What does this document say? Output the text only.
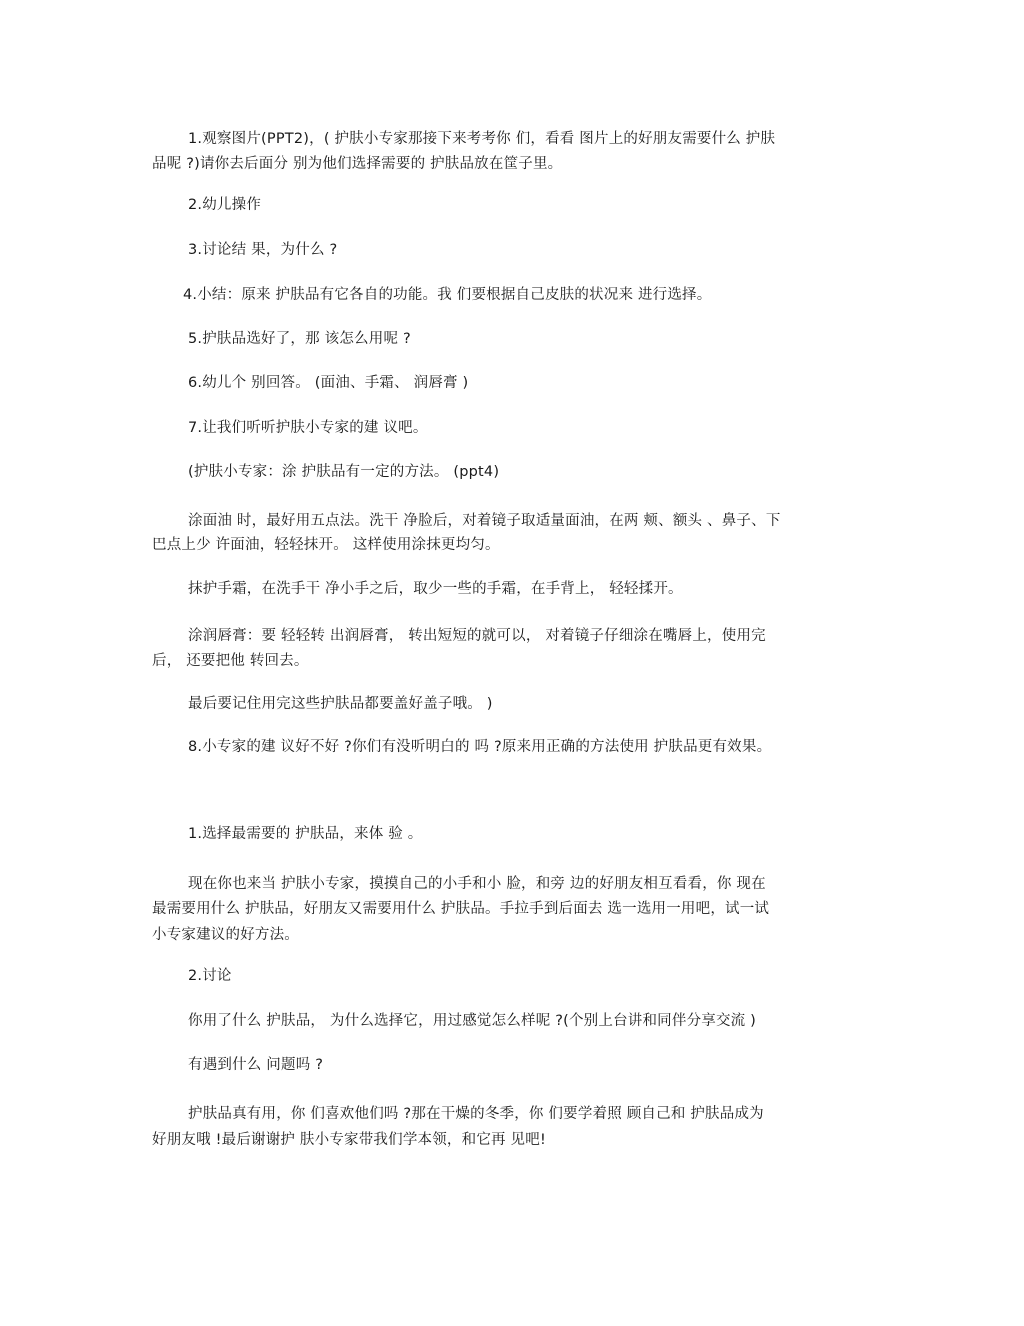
1.观察图片(PPT2)，( 护肤小专家那接下来考考你 们，看看 图片上的好朋友需要什么 护肤
品呢 ?)请你去后面分 别为他们选择需要的 护肤品放在筐子里。
2.幼儿操作
3.讨论结 果，为什么 ?
4.小结：原来 护肤品有它各自的功能。我 们要根据自己皮肤的状况来 进行选择。
5.护肤品选好了，那 该怎么用呢 ?
6.幼儿个 别回答。 (面油、手霜、 润唇膏 )
7.让我们听听护肤小专家的建 议吧。
(护肤小专家：涂 护肤品有一定的方法。 (ppt4)
涂面油 时，最好用五点法。洗干 净脸后，对着镜子取适量面油，在两 颊、额头 、鼻子、下
巴点上少 许面油，轻轻抹开。 这样使用涂抹更均匀。
抹护手霜，在洗手干 净小手之后，取少一些的手霜，在手背上， 轻轻揉开。
涂润唇膏：要 轻轻转 出润唇膏， 转出短短的就可以， 对着镜子仔细涂在嘴唇上，使用完
后， 还要把他 转回去。
最后要记住用完这些护肤品都要盖好盖子哦。 )
8.小专家的建 议好不好 ?你们有没听明白的 吗 ?原来用正确的方法使用 护肤品更有效果。
1.选择最需要的 护肤品，来体 验 。
现在你也来当 护肤小专家，摸摸自己的小手和小 脸，和旁 边的好朋友相互看看，你 现在
最需要用什么 护肤品，好朋友又需要用什么 护肤品。手拉手到后面去 选一选用一用吧，试一试
小专家建议的好方法。
2.讨论
你用了什么 护肤品， 为什么选择它，用过感觉怎么样呢 ?(个别上台讲和同伴分享交流 )
有遇到什么 问题吗 ?
护肤品真有用，你 们喜欢他们吗 ?那在干燥的冬季，你 们要学着照 顾自己和 护肤品成为
好朋友哦 !最后谢谢护 肤小专家带我们学本领，和它再 见吧!
